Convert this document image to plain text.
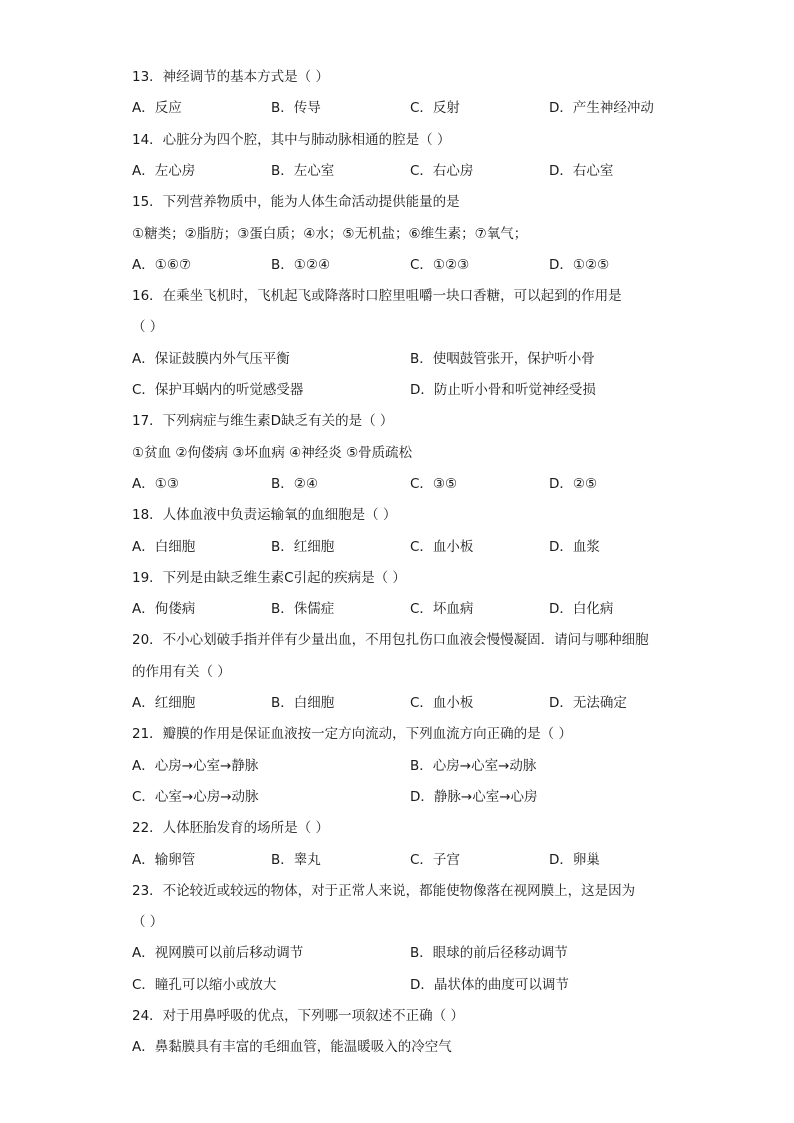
13．神经调节的基本方式是（ ）
A．反应	B．传导	C．反射	D．产生神经冲动
14．心脏分为四个腔，其中与肺动脉相通的腔是（ ）
A．左心房	B．左心室	C．右心房	D．右心室
15．下列营养物质中，能为人体生命活动提供能量的是
①糖类；②脂肪；③蛋白质；④水；⑤无机盐；⑥维生素；⑦氧气；
A．①⑥⑦	B．①②④	C．①②③	D．①②⑤
16．在乘坐飞机时，飞机起飞或降落时口腔里咀嚼一块口香糖，可以起到的作用是
（ ）
A．保证鼓膜内外气压平衡	B．使咽鼓管张开，保护听小骨
C．保护耳蜗内的听觉感受器	D．防止听小骨和听觉神经受损
17．下列病症与维生素D缺乏有关的是（ ）
①贫血 ②佝偻病 ③坏血病 ④神经炎 ⑤骨质疏松
A．①③	B．②④	C．③⑤	D．②⑤
18．人体血液中负责运输氧的血细胞是（ ）
A．白细胞	B．红细胞	C．血小板	D．血浆
19．下列是由缺乏维生素C引起的疾病是（ ）
A．佝偻病	B．侏儒症	C．坏血病	D．白化病
20．不小心划破手指并伴有少量出血，不用包扎伤口血液会慢慢凝固．请问与哪种细胞
的作用有关（ ）
A．红细胞	B．白细胞	C．血小板	D．无法确定
21．瓣膜的作用是保证血液按一定方向流动，下列血流方向正确的是（ ）
A．心房→心室→静脉	B．心房→心室→动脉
C．心室→心房→动脉	D．静脉→心室→心房
22．人体胚胎发育的场所是（ ）
A．输卵管	B．睾丸	C．子宫	D．卵巢
23．不论较近或较远的物体，对于正常人来说，都能使物像落在视网膜上，这是因为
（ ）
A．视网膜可以前后移动调节	B．眼球的前后径移动调节
C．瞳孔可以缩小或放大	D．晶状体的曲度可以调节
24．对于用鼻呼吸的优点，下列哪一项叙述不正确（ ）
A．鼻黏膜具有丰富的毛细血管，能温暖吸入的冷空气
